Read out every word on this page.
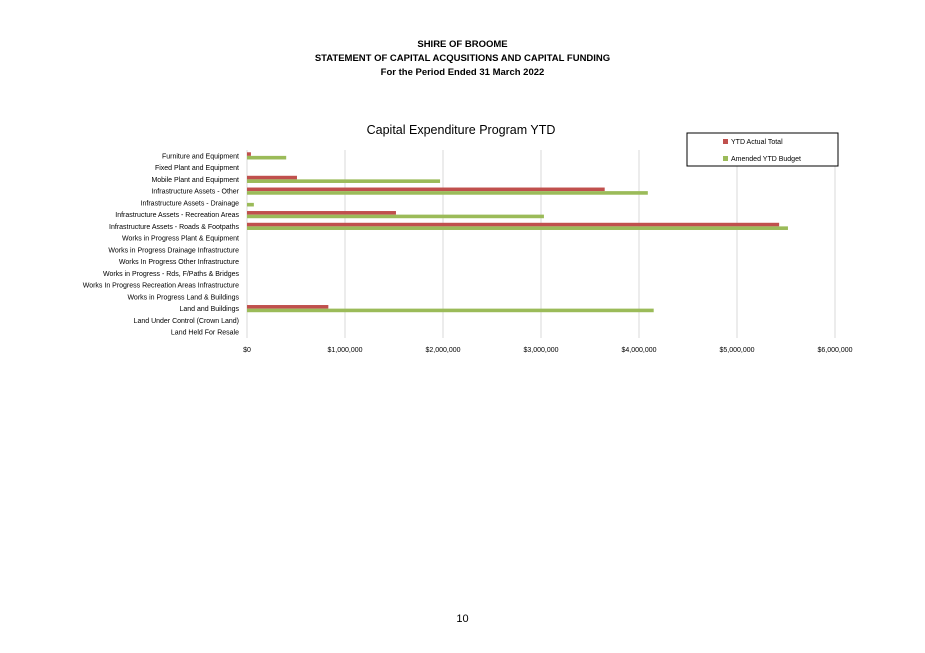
SHIRE OF BROOME
STATEMENT OF CAPITAL ACQUSITIONS AND CAPITAL FUNDING
For the Period Ended 31 March 2022
Capital Expenditure Program YTD
Furniture and Equipment
Fixed Plant and Equipment
Mobile Plant and Equipment
Infrastructure Assets - Other
Infrastructure Assets - Drainage
Infrastructure Assets - Recreation Areas
Infrastructure Assets - Roads & Footpaths
Works in Progress Plant & Equipment
Works in Progress Drainage Infrastructure
Works In Progress Other Infrastructure
Works in Progress - Rds, F/Paths & Bridges
Works In Progress Recreation Areas Infrastructure
Works in Progress Land & Buildings
Land and Buildings
Land Under Control (Crown Land)
Land Held For Resale
$0	$1,000,000	$2,000,000	$3,000,000	$4,000,000	$5,000,000	$6,000,000
YTD Actual Total
Amended YTD Budget
10
